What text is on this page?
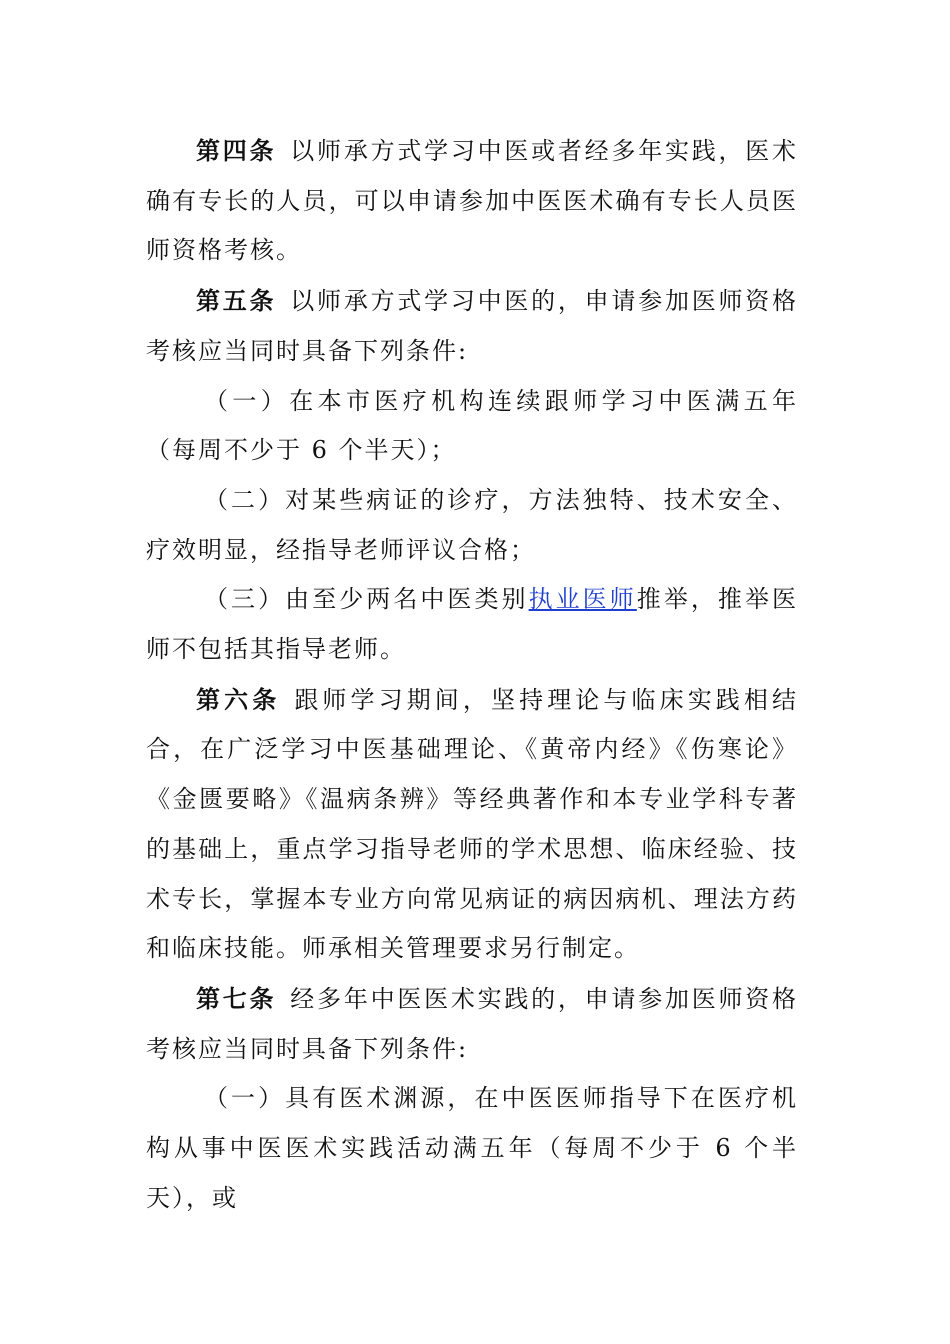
第四条 以师承方式学习中医或者经多年实践，医术确有专长的人员，可以申请参加中医医术确有专长人员医师资格考核。

第五条 以师承方式学习中医的，申请参加医师资格考核应当同时具备下列条件:

（一）在本市医疗机构连续跟师学习中医满五年（每周不少于 6 个半天）；

（二）对某些病证的诊疗，方法独特、技术安全、疗效明显，经指导老师评议合格；

（三）由至少两名中医类别执业医师推举，推举医师不包括其指导老师。

第六条 跟师学习期间，坚持理论与临床实践相结合，在广泛学习中医基础理论、《黄帝内经》《伤寒论》《金匮要略》《温病条辨》等经典著作和本专业学科专著的基础上，重点学习指导老师的学术思想、临床经验、技术专长，掌握本专业方向常见病证的病因病机、理法方药和临床技能。师承相关管理要求另行制定。

第七条 经多年中医医术实践的，申请参加医师资格考核应当同时具备下列条件:

（一）具有医术渊源，在中医医师指导下在医疗机构从事中医医术实践活动满五年（每周不少于 6 个半天），或
